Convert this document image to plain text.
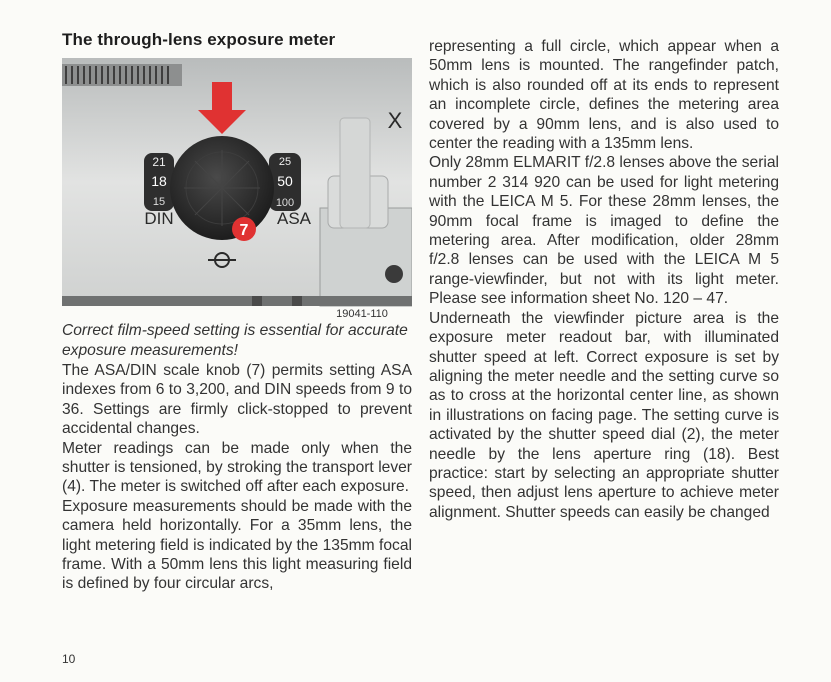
The through-lens exposure meter
21
18
15
25
50
100
DIN	ASA
X
7
19041-110

Correct film-speed setting is essential for accurate exposure measurements!

The ASA/DIN scale knob (7) permits setting ASA indexes from 6 to 3,200, and DIN speeds from 9 to 36. Settings are firmly click-stopped to prevent accidental changes.

Meter readings can be made only when the shutter is tensioned, by stroking the transport lever (4). The meter is switched off after each exposure.

Exposure measurements should be made with the camera held horizontally. For a 35mm lens, the light metering field is indicated by the 135mm focal frame. With a 50mm lens this light measuring field is defined by four circular arcs,

representing a full circle, which appear when a 50mm lens is mounted. The rangefinder patch, which is also rounded off at its ends to represent an incomplete circle, defines the metering area covered by a 90mm lens, and is also used to center the reading with a 135mm lens.

Only 28mm ELMARIT f/2.8 lenses above the serial number 2 314 920 can be used for light metering with the LEICA M 5. For these 28mm lenses, the 90mm focal frame is imaged to define the metering area. After modification, older 28mm f/2.8 lenses can be used with the LEICA M 5 range-viewfinder, but not with its light meter. Please see information sheet No. 120 – 47.

Underneath the viewfinder picture area is the exposure meter readout bar, with illuminated shutter speed at left. Correct exposure is set by aligning the meter needle and the setting curve so as to cross at the horizontal center line, as shown in illustrations on facing page. The setting curve is activated by the shutter speed dial (2), the meter needle by the lens aperture ring (18). Best practice: start by selecting an appropriate shutter speed, then adjust lens aperture to achieve meter alignment. Shutter speeds can easily be changed

10
